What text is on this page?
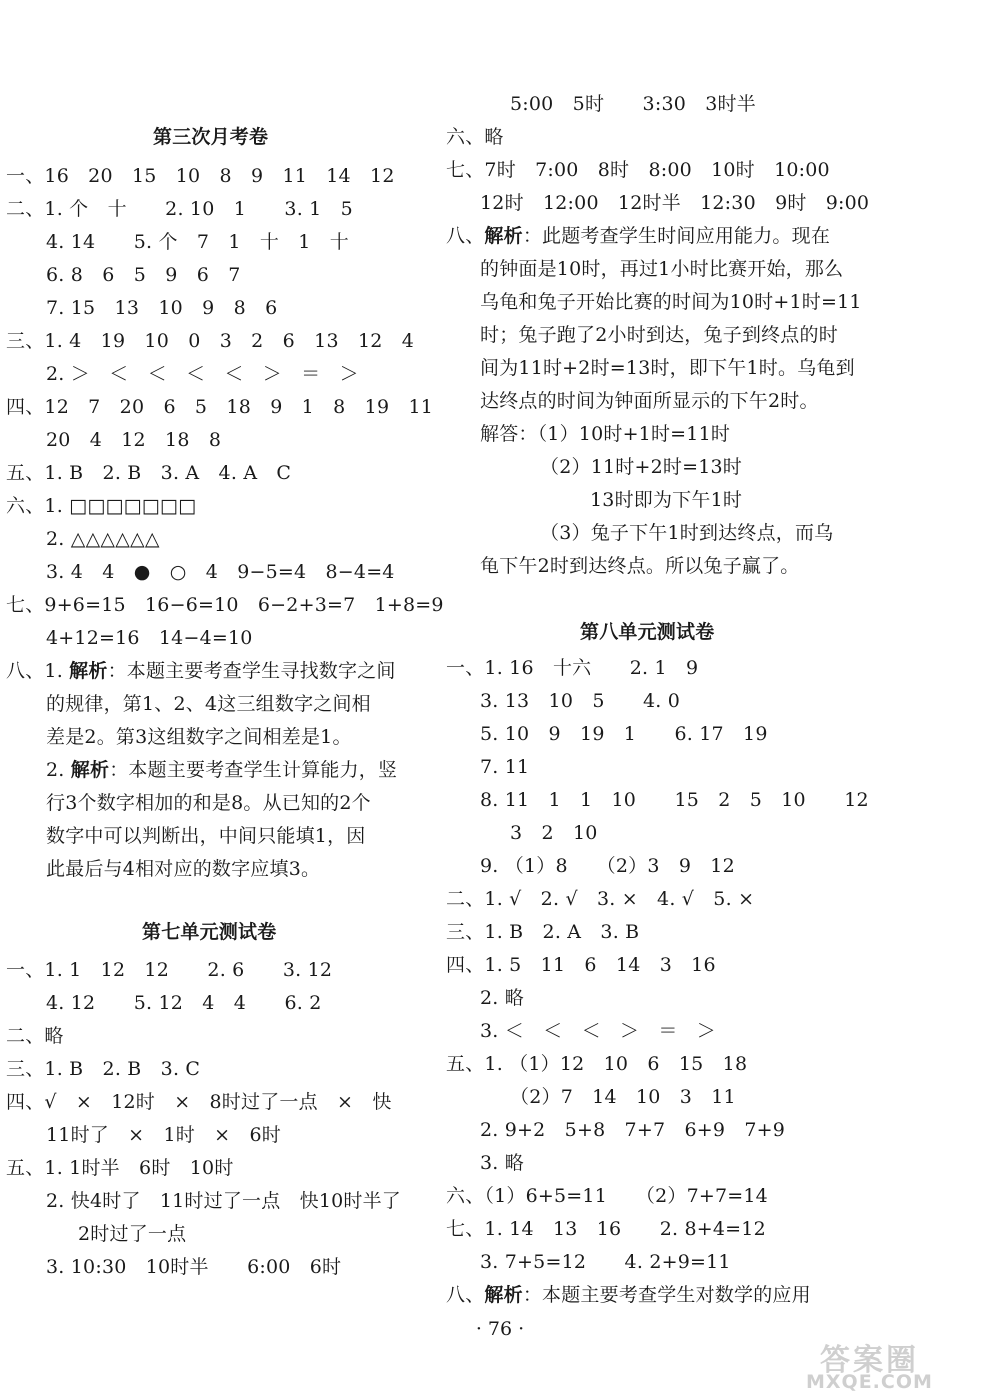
第三次月考卷
一、16　20　15　10　8　9　11　14　12
二、1. 个　十　　2. 10　1　　3. 1　5
4. 14　　5. 个　7　1　十　1　十
6. 8　6　5　9　6　7
7. 15　13　10　9　8　6
三、1. 4　19　10　0　3　2　6　13　12　4
2. ＞　＜　＜　＜　＜　＞　＝　＞
四、12　7　20　6　5　18　9　1　8　19　11
20　4　12　18　8
五、1. B　2. B　3. A　4. A　C
六、1. □□□□□□□
2. △△△△△△
3. 4　4　●　○　4　9−5=4　8−4=4
七、9+6=15　16−6=10　6−2+3=7　1+8=9
4+12=16　14−4=10
八、1. 解析：本题主要考查学生寻找数字之间
的规律，第1、2、4这三组数字之间相
差是2。第3这组数字之间相差是1。
2. 解析：本题主要考查学生计算能力，竖
行3个数字相加的和是8。从已知的2个
数字中可以判断出，中间只能填1，因
此最后与4相对应的数字应填3。
第七单元测试卷
一、1. 1　12　12　　2. 6　　3. 12
4. 12　　5. 12　4　4　　6. 2
二、略
三、1. B　2. B　3. C
四、√　×　12时　×　8时过了一点　×　快
11时了　×　1时　×　6时
五、1. 1时半　6时　10时
2. 快4时了　11时过了一点　快10时半了
2时过了一点
3. 10:30　10时半　　6:00　6时
5:00　5时　　3:30　3时半
六、略
七、7时　7:00　8时　8:00　10时　10:00
12时　12:00　12时半　12:30　9时　9:00
八、解析：此题考查学生时间应用能力。现在
的钟面是10时，再过1小时比赛开始，那么
乌龟和兔子开始比赛的时间为10时+1时=11
时；兔子跑了2小时到达，兔子到终点的时
间为11时+2时=13时，即下午1时。乌龟到
达终点的时间为钟面所显示的下午2时。
解答：（1）10时+1时=11时
（2）11时+2时=13时
13时即为下午1时
（3）兔子下午1时到达终点，而乌
龟下午2时到达终点。所以兔子赢了。
第八单元测试卷
一、1. 16　十六　　2. 1　9
3. 13　10　5　　4. 0
5. 10　9　19　1　　6. 17　19
7. 11
8. 11　1　1　10　　15　2　5　10　　12
3　2　10
9. （1）8　　（2）3　9　12
二、1. √　2. √　3. ×　4. √　5. ×
三、1. B　2. A　3. B
四、1. 5　11　6　14　3　16
2. 略
3. ＜　＜　＜　＞　＝　＞
五、1. （1）12　10　6　15　18
（2）7　14　10　3　11
2. 9+2　5+8　7+7　6+9　7+9
3. 略
六、（1）6+5=11　　（2）7+7=14
七、1. 14　13　16　　2. 8+4=12
3. 7+5=12　　4. 2+9=11
八、解析：本题主要考查学生对数学的应用
· 76 ·
答案圈
MXQE.COM
